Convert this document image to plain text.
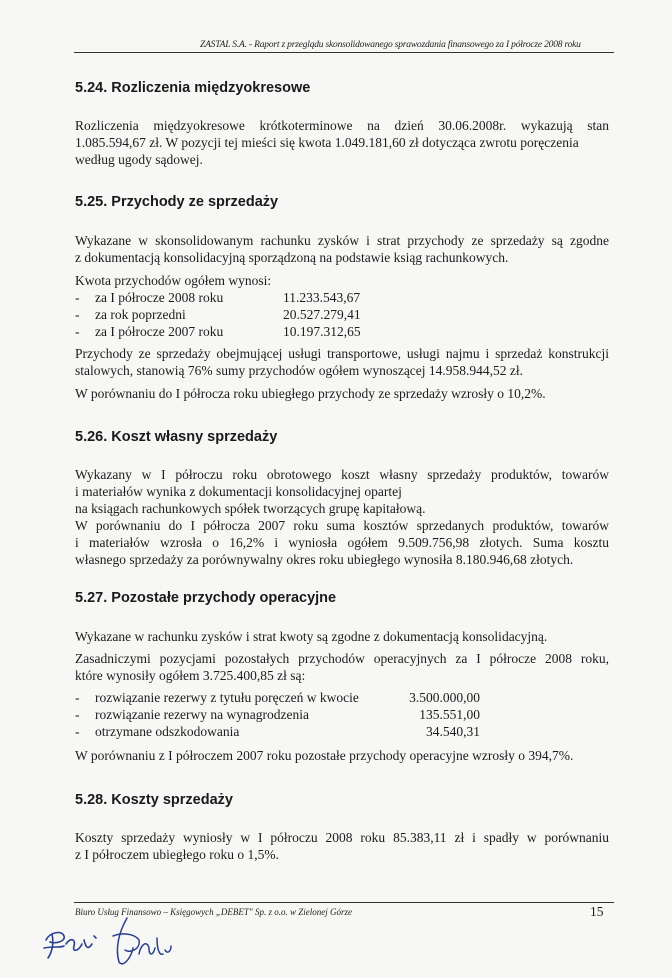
ZASTAL S.A. - Raport z przeglądu skonsolidowanego sprawozdania finansowego za I półrocze 2008 roku
5.24. Rozliczenia międzyokresowe
Rozliczenia międzyokresowe krótkoterminowe na dzień 30.06.2008r. wykazują stan
1.085.594,67 zł. W pozycji tej mieści się kwota 1.049.181,60 zł dotycząca zwrotu poręczenia
według ugody sądowej.
5.25. Przychody ze sprzedaży
Wykazane w skonsolidowanym rachunku zysków i strat przychody ze sprzedaży są zgodne
z dokumentacją konsolidacyjną sporządzoną na podstawie ksiąg rachunkowych.
Kwota przychodów ogółem wynosi:
- za I półrocze 2008 roku	11.233.543,67
- za rok poprzedni	20.527.279,41
- za I półrocze 2007 roku	10.197.312,65
Przychody ze sprzedaży obejmującej usługi transportowe, usługi najmu i sprzedaż konstrukcji
stalowych, stanowią 76% sumy przychodów ogółem wynoszącej 14.958.944,52 zł.
W porównaniu do I półrocza roku ubiegłego przychody ze sprzedaży wzrosły o 10,2%.
5.26. Koszt własny sprzedaży
Wykazany w I półroczu roku obrotowego koszt własny sprzedaży produktów, towarów
i materiałów wynika z dokumentacji konsolidacyjnej opartej
na ksiągach rachunkowych spółek tworzących grupę kapitałową.
W porównaniu do I półrocza 2007 roku suma kosztów sprzedanych produktów, towarów
i materiałów wzrosła o 16,2% i wyniosła ogółem 9.509.756,98 złotych. Suma kosztu
własnego sprzedaży za porównywalny okres roku ubiegłego wynosiła 8.180.946,68 złotych.
5.27. Pozostałe przychody operacyjne
Wykazane w rachunku zysków i strat kwoty są zgodne z dokumentacją konsolidacyjną.
Zasadniczymi pozycjami pozostałych przychodów operacyjnych za I półrocze 2008 roku,
które wynosiły ogółem 3.725.400,85 zł są:
- rozwiązanie rezerwy z tytułu poręczeń w kwocie	3.500.000,00
- rozwiązanie rezerwy na wynagrodzenia	135.551,00
- otrzymane odszkodowania	34.540,31
W porównaniu z I półroczem 2007 roku pozostałe przychody operacyjne wzrosły o 394,7%.
5.28. Koszty sprzedaży
Koszty sprzedaży wyniosły w I półroczu 2008 roku 85.383,11 zł i spadły w porównaniu
z I półroczem ubiegłego roku o 1,5%.
Biuro Usług Finansowo – Księgowych „DEBET" Sp. z o.o. w Zielonej Górze	15
